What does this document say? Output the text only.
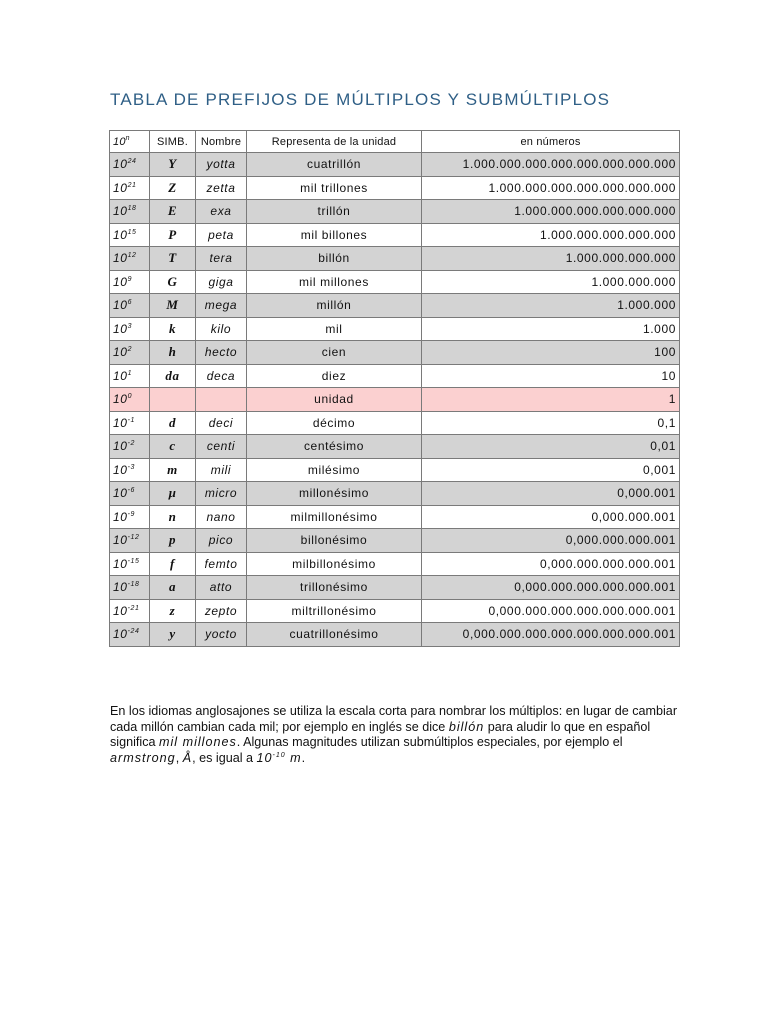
TABLA DE PREFIJOS DE MÚLTIPLOS Y SUBMÚLTIPLOS
10$^n$	SIMB.	Nombre	Representa de la unidad	en números
$10^{24}$	Y	yotta	cuatrillón	1.000.000.000.000.000.000.000.000
$10^{21}$	Z	zetta	mil trillones	1.000.000.000.000.000.000.000
$10^{18}$	E	exa	trillón	1.000.000.000.000.000.000
$10^{15}$	P	peta	mil billones	1.000.000.000.000.000
$10^{12}$	T	tera	billón	1.000.000.000.000
$10^9$	G	giga	mil millones	1.000.000.000
$10^6$	M	mega	millón	1.000.000
$10^3$	k	kilo	mil	1.000
$10^2$	h	hecto	cien	100
$10^1$	da	deca	diez	10
$10^0$			unidad	1
$10^{-1}$	d	deci	décimo	0,1
$10^{-2}$	c	centi	centésimo	0,01
$10^{-3}$	m	mili	milésimo	0,001
$10^{-6}$	µ	micro	millonésimo	0,000.001
$10^{-9}$	n	nano	milmillonésimo	0,000.000.001
$10^{-12}$	p	pico	billonésimo	0,000.000.000.001
$10^{-15}$	f	femto	milbillonésimo	0,000.000.000.000.001
$10^{-18}$	a	atto	trillonésimo	0,000.000.000.000.000.001
$10^{-21}$	z	zepto	miltrillonésimo	0,000.000.000.000.000.000.001
$10^{-24}$	y	yocto	cuatrillonésimo	0,000.000.000.000.000.000.000.001

En los idiomas anglosajones se utiliza la escala corta para nombrar los múltiplos: en lugar de cambiar cada millón cambian cada mil; por ejemplo en inglés se dice billón para aludir lo que en español significa mil millones. Algunas magnitudes utilizan submúltiplos especiales, por ejemplo el armstrong, Å, es igual a $10^{-10}$ m.
